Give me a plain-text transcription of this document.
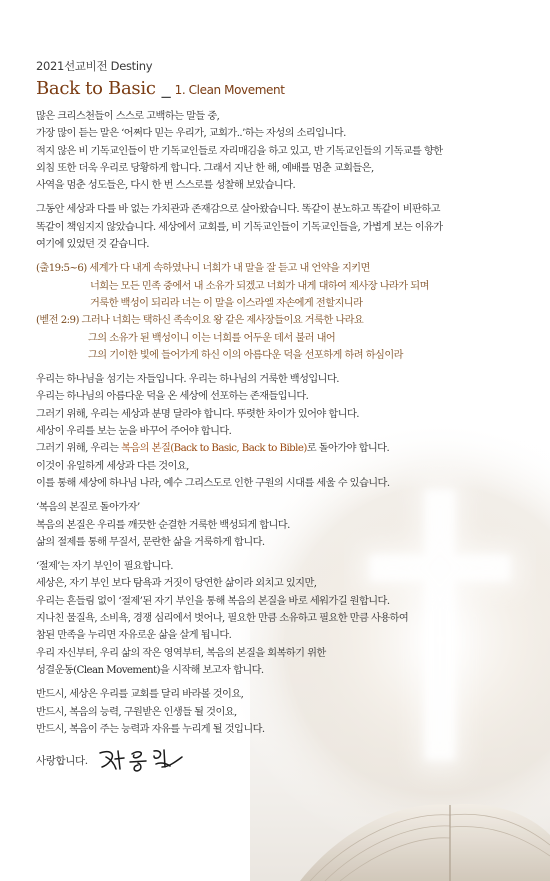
2021선교비전 Destiny
Back to Basic _ 1. Clean Movement
많은 크리스천들이 스스로 고백하는 말들 중,
가장 많이 듣는 말은 ‘어쩌다 믿는 우리가, 교회가..’하는 자성의 소리입니다.
적지 않은 비 기독교인들이 반 기독교인들로 자리매김을 하고 있고, 반 기독교인들의 기독교를 향한
외침 또한 더욱 우리로 당황하게 합니다. 그래서 지난 한 해, 예배를 멈춘 교회들은,
사역을 멈춘 성도들은, 다시 한 번 스스로를 성찰해 보았습니다.
그동안 세상과 다를 바 없는 가치관과 존재감으로 살아왔습니다. 똑같이 분노하고 똑같이 비판하고
똑같이 책임지지 않았습니다. 세상에서 교회를, 비 기독교인들이 기독교인들을, 가볍게 보는 이유가
여기에 있었던 것 같습니다.
(출19:5~6) 세계가 다 내게 속하였나니 너희가 내 말을 잘 듣고 내 언약을 지키면
너희는 모든 민족 중에서 내 소유가 되겠고 너희가 내게 대하여 제사장 나라가 되며
거룩한 백성이 되리라 너는 이 말을 이스라엘 자손에게 전할지니라
(벧전 2:9) 그러나 너희는 택하신 족속이요 왕 같은 제사장들이요 거룩한 나라요
그의 소유가 된 백성이니 이는 너희를 어두운 데서 불러 내어
그의 기이한 빛에 들어가게 하신 이의 아름다운 덕을 선포하게 하려 하심이라
우리는 하나님을 섬기는 자들입니다. 우리는 하나님의 거룩한 백성입니다.
우리는 하나님의 아름다운 덕을 온 세상에 선포하는 존재들입니다.
그러기 위해, 우리는 세상과 분명 달라야 합니다. 뚜렷한 차이가 있어야 합니다.
세상이 우리를 보는 눈을 바꾸어 주어야 합니다.
그러기 위해, 우리는 복음의 본질(Back to Basic, Back to Bible)로 돌아가야 합니다.
이것이 유일하게 세상과 다른 것이요,
이를 통해 세상에 하나님 나라, 예수 그리스도로 인한 구원의 시대를 세울 수 있습니다.
‘복음의 본질로 돌아가자’
복음의 본질은 우리를 깨끗한 순결한 거룩한 백성되게 합니다.
삶의 절제를 통해 무질서, 문란한 삶을 거룩하게 합니다.
‘절제’는 자기 부인이 필요합니다.
세상은, 자기 부인 보다 탐욕과 거짓이 당연한 삶이라 외치고 있지만,
우리는 흔들림 없이 ‘절제’된 자기 부인을 통해 복음의 본질을 바로 세워가길 원합니다.
지나친 물질욕, 소비욕, 경쟁 심리에서 벗어나, 필요한 만큼 소유하고 필요한 만큼 사용하여
참된 만족을 누리면 자유로운 삶을 살게 됩니다.
우리 자신부터, 우리 삶의 작은 영역부터, 복음의 본질을 회복하기 위한
성결운동(Clean Movement)을 시작해 보고자 합니다.
반드시, 세상은 우리를 교회를 달리 바라볼 것이요,
반드시, 복음의 능력, 구원받은 인생들 될 것이요,
반드시, 복음이 주는 능력과 자유를 누리게 될 것입니다.
사랑합니다.
